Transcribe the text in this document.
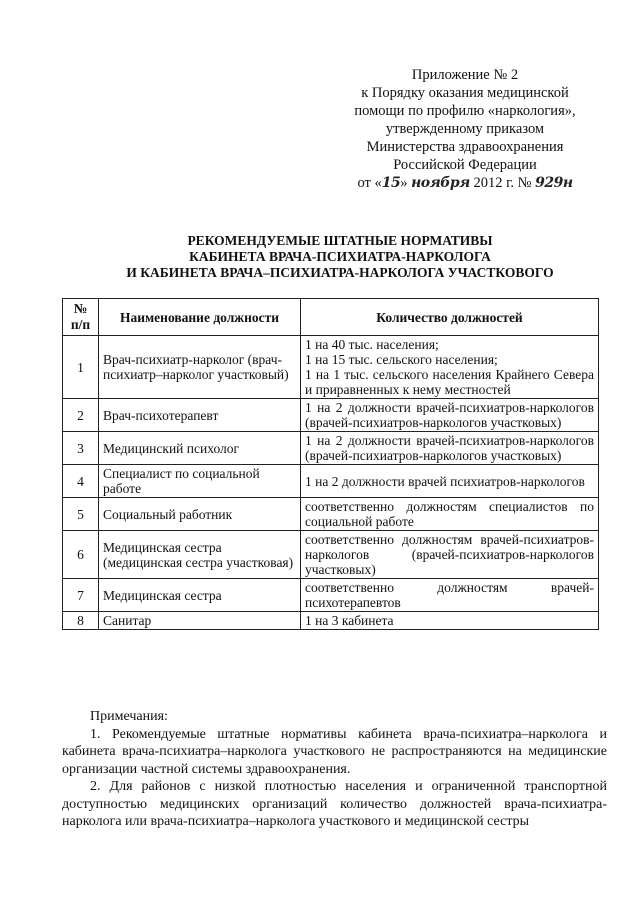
Приложение № 2
к Порядку оказания медицинской
помощи по профилю «наркология»,
утвержденному приказом
Министерства здравоохранения
Российской Федерации
от «15» ноября 2012 г. № 929н
РЕКОМЕНДУЕМЫЕ ШТАТНЫЕ НОРМАТИВЫ
КАБИНЕТА ВРАЧА-ПСИХИАТРА-НАРКОЛОГА
И КАБИНЕТА ВРАЧА–ПСИХИАТРА-НАРКОЛОГА УЧАСТКОВОГО
№
п/п	Наименование должности	Количество должностей
1	Врач-психиатр-нарколог (врач-психиатр–нарколог участковый)	1 на 40 тыс. населения;
1 на 15 тыс. сельского населения;
1 на 1 тыс. сельского населения Крайнего Севера и приравненных к нему местностей

2	Врач-психотерапевт	1 на 2 должности врачей-психиатров-наркологов (врачей-психиатров-наркологов участковых)
3	Медицинский психолог	1 на 2 должности врачей-психиатров-наркологов (врачей-психиатров-наркологов участковых)
4	Специалист по социальной работе	1 на 2 должности врачей психиатров-наркологов
5	Социальный работник	соответственно должностям специалистов по социальной работе
6	Медицинская сестра (медицинская сестра участковая)	соответственно должностям врачей-психиатров-наркологов (врачей-психиатров-наркологов участковых)
7	Медицинская сестра	соответственно должностям врачей-психотерапевтов
8	Санитар	1 на 3 кабинета

Примечания:

1. Рекомендуемые штатные нормативы кабинета врача-психиатра–нарколога и кабинета врача-психиатра–нарколога участкового не распространяются на медицинские организации частной системы здравоохранения.

2. Для районов с низкой плотностью населения и ограниченной транспортной доступностью медицинских организаций количество должностей врача-психиатра-нарколога или врача-психиатра–нарколога участкового и медицинской сестры
